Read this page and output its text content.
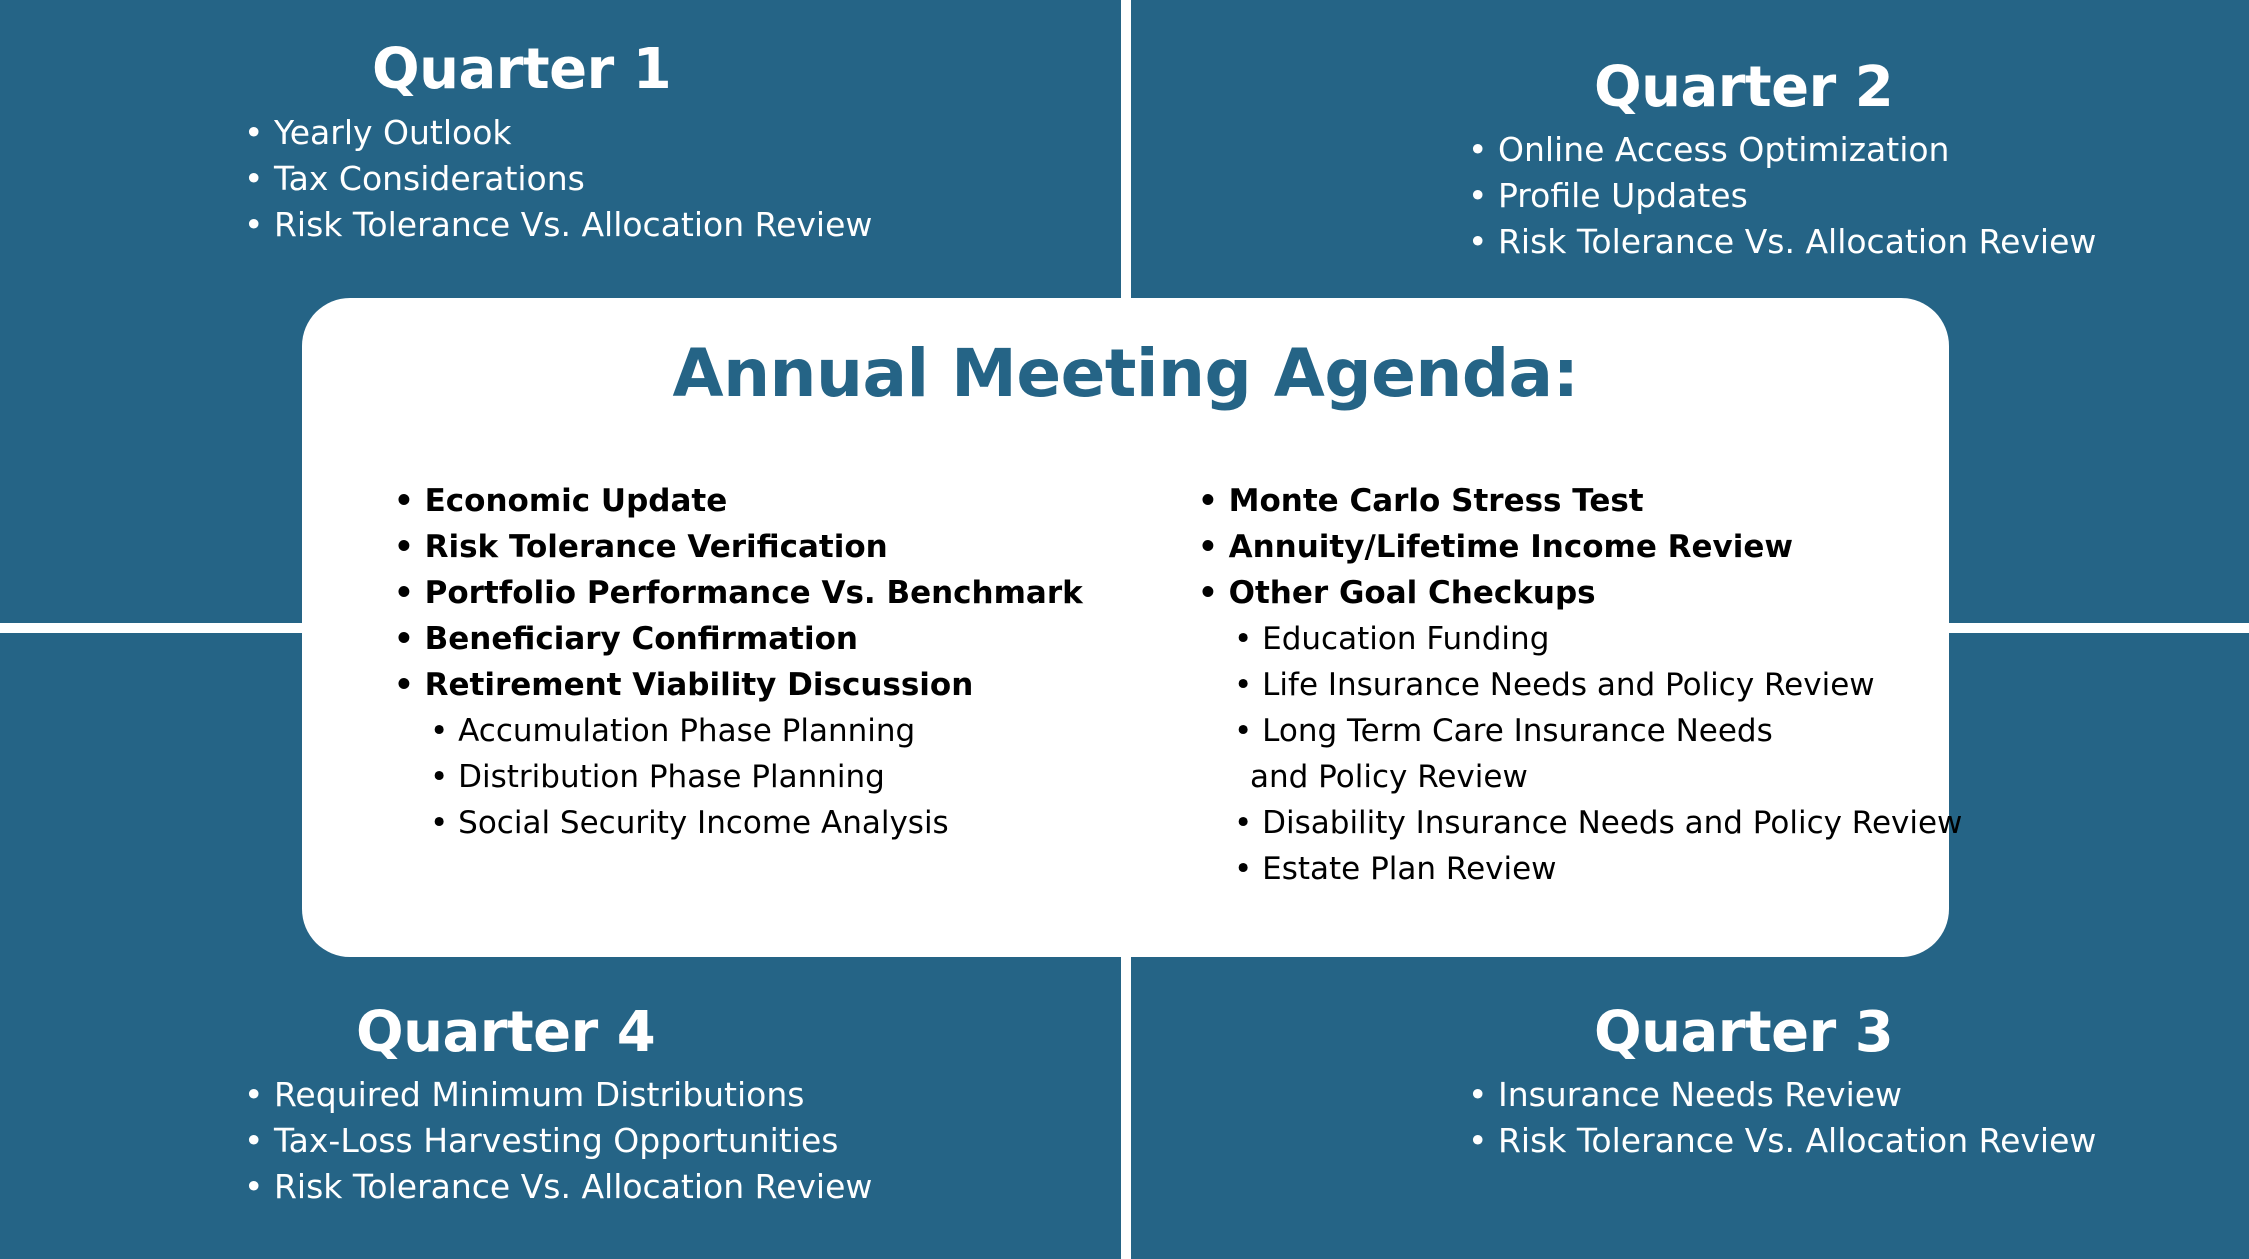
Quarter 1
• Yearly Outlook
• Tax Considerations
• Risk Tolerance Vs. Allocation Review
Quarter 2
• Online Access Optimization
• Profile Updates
• Risk Tolerance Vs. Allocation Review
Quarter 4
• Required Minimum Distributions
• Tax-Loss Harvesting Opportunities
• Risk Tolerance Vs. Allocation Review
Quarter 3
• Insurance Needs Review
• Risk Tolerance Vs. Allocation Review
Annual Meeting Agenda:
• Economic Update
• Risk Tolerance Verification
• Portfolio Performance Vs. Benchmark
• Beneficiary Confirmation
• Retirement Viability Discussion
• Accumulation Phase Planning
• Distribution Phase Planning
• Social Security Income Analysis
• Monte Carlo Stress Test
• Annuity/Lifetime Income Review
• Other Goal Checkups
• Education Funding
• Life Insurance Needs and Policy Review
• Long Term Care Insurance Needs
and Policy Review
• Disability Insurance Needs and Policy Review
• Estate Plan Review
